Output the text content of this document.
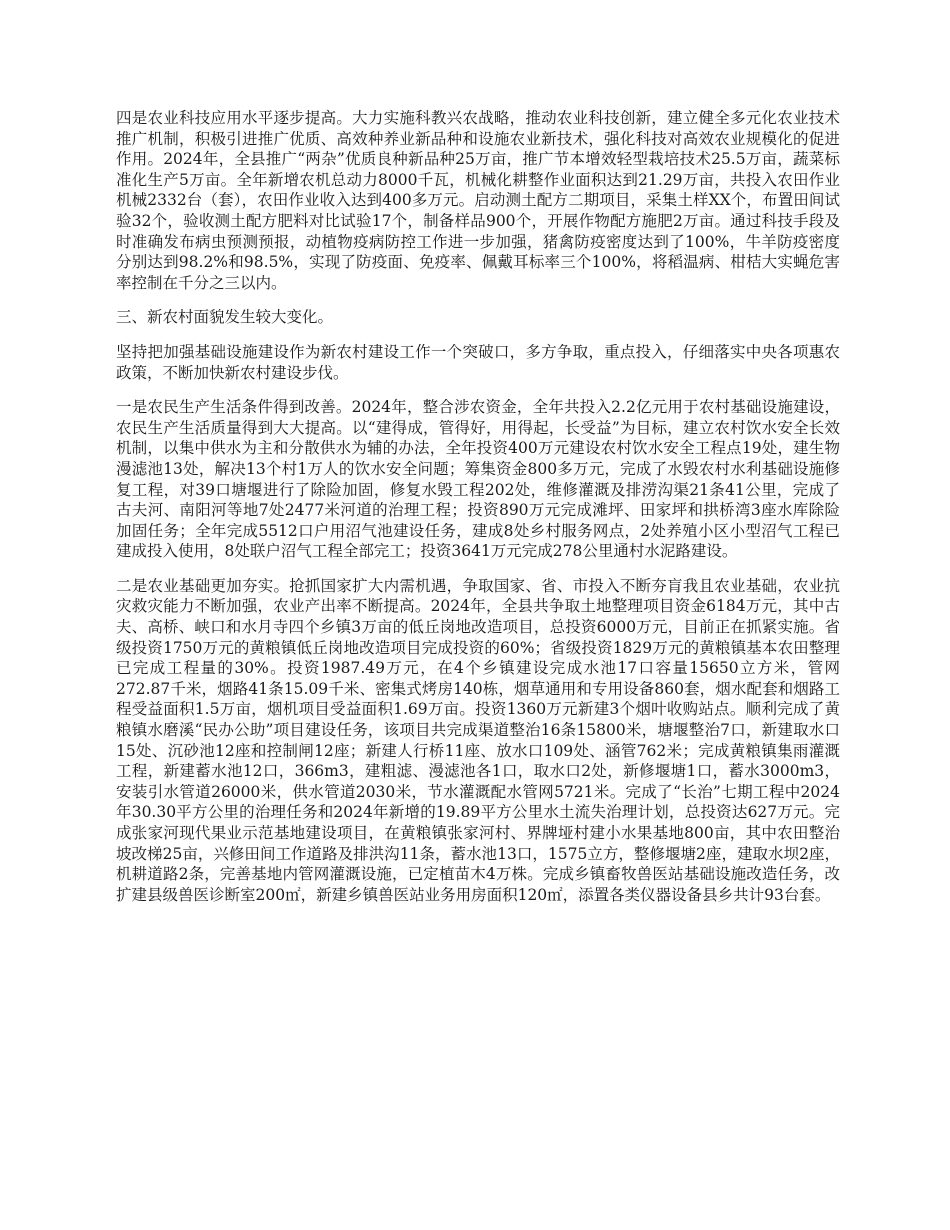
四是农业科技应用水平逐步提高。大力实施科教兴农战略，推动农业科技创新，建立健全多元化农业技术推广机制，积极引进推广优质、高效种养业新品种和设施农业新技术，强化科技对高效农业规模化的促进作用。2024年，全县推广“两杂”优质良种新品种25万亩，推广节本增效轻型栽培技术25.5万亩，蔬菜标准化生产5万亩。全年新增农机总动力8000千瓦，机械化耕整作业面积达到21.29万亩，共投入农田作业机械2332台（套），农田作业收入达到400多万元。启动测土配方二期项目，采集土样XX个，布置田间试验32个，验收测土配方肥料对比试验17个，制备样品900个，开展作物配方施肥2万亩。通过科技手段及时准确发布病虫预测预报，动植物疫病防控工作进一步加强，猪禽防疫密度达到了100%，牛羊防疫密度分别达到98.2%和98.5%，实现了防疫面、免疫率、佩戴耳标率三个100%，将稻温病、柑桔大实蝇危害率控制在千分之三以内。

三、新农村面貌发生较大变化。

坚持把加强基础设施建设作为新农村建设工作一个突破口，多方争取，重点投入，仔细落实中央各项惠农政策，不断加快新农村建设步伐。

一是农民生产生活条件得到改善。2024年，整合涉农资金，全年共投入2.2亿元用于农村基础设施建设，农民生产生活质量得到大大提高。以“建得成，管得好，用得起，长受益”为目标，建立农村饮水安全长效机制，以集中供水为主和分散供水为辅的办法，全年投资400万元建设农村饮水安全工程点19处，建生物漫滤池13处，解决13个村1万人的饮水安全问题；筹集资金800多万元，完成了水毁农村水利基础设施修复工程，对39口塘堰进行了除险加固，修复水毁工程202处，维修灌溉及排涝沟渠21条41公里，完成了古夫河、南阳河等地7处2477米河道的治理工程；投资890万元完成滩坪、田家坪和拱桥湾3座水库除险加固任务；全年完成5512口户用沼气池建设任务，建成8处乡村服务网点，2处养殖小区小型沼气工程已建成投入使用，8处联户沼气工程全部完工；投资3641万元完成278公里通村水泥路建设。

二是农业基础更加夯实。抢抓国家扩大内需机遇，争取国家、省、市投入不断夯肓我且农业基础，农业抗灾救灾能力不断加强，农业产出率不断提高。2024年，全县共争取土地整理项目资金6184万元，其中古夫、高桥、峡口和水月寺四个乡镇3万亩的低丘岗地改造项目，总投资6000万元，目前正在抓紧实施。省级投资1750万元的黄粮镇低丘岗地改造项目完成投资的60%；省级投资1829万元的黄粮镇基本农田整理已完成工程量的30%。投资1987.49万元，在4个乡镇建设完成水池17口容量15650立方米，管网272.87千米，烟路41条15.09千米、密集式烤房140栋，烟草通用和专用设备860套，烟水配套和烟路工程受益面积1.5万亩，烟机项目受益面积1.69万亩。投资1360万元新建3个烟叶收购站点。顺利完成了黄粮镇水磨溪“民办公助”项目建设任务，该项目共完成渠道整治16条15800米，塘堰整治7口，新建取水口15处、沉砂池12座和控制闸12座；新建人行桥11座、放水口109处、涵管762米；完成黄粮镇集雨灌溉工程，新建蓄水池12口，366m3，建粗滤、漫滤池各1口，取水口2处，新修堰塘1口，蓄水3000m3，安装引水管道26000米，供水管道2030米，节水灌溉配水管网5721米。完成了“长治”七期工程中2024年30.30平方公里的治理任务和2024年新增的19.89平方公里水土流失治理计划，总投资达627万元。完成张家河现代果业示范基地建设项目，在黄粮镇张家河村、界牌垭村建小水果基地800亩，其中农田整治坡改梯25亩，兴修田间工作道路及排洪沟11条，蓄水池13口，1575立方，整修堰塘2座，建取水坝2座，机耕道路2条，完善基地内管网灌溉设施，已定植苗木4万株。完成乡镇畜牧兽医站基础设施改造任务，改扩建县级兽医诊断室200㎡，新建乡镇兽医站业务用房面积120㎡，添置各类仪器设备县乡共计93台套。
